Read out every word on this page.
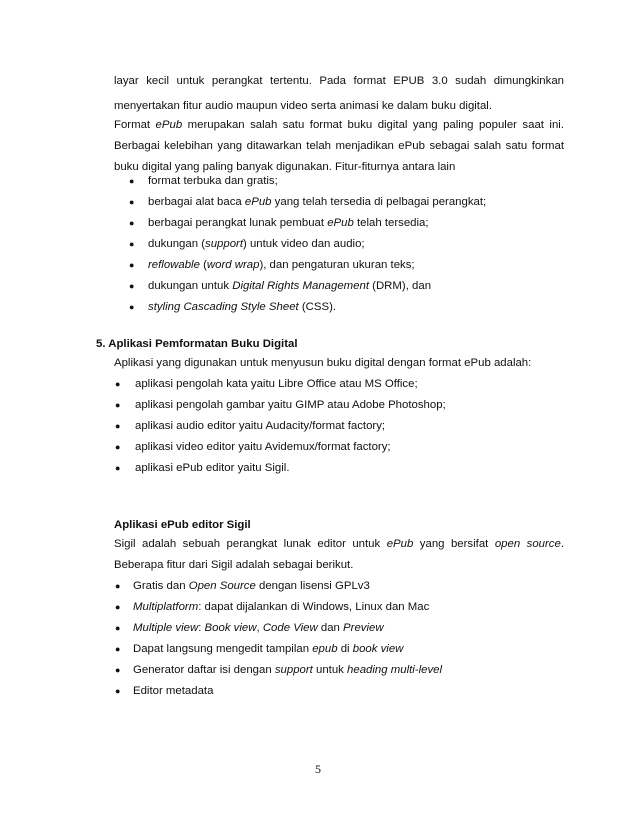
layar kecil untuk perangkat tertentu. Pada format EPUB 3.0 sudah dimungkinkan
menyertakan fitur audio maupun video serta animasi ke dalam buku digital.
Format ePub merupakan salah satu format buku digital yang paling populer saat ini.
Berbagai kelebihan yang ditawarkan telah menjadikan ePub sebagai salah satu format
buku digital yang paling banyak digunakan. Fitur-fiturnya antara lain
● format terbuka dan gratis;
● berbagai alat baca ePub yang telah tersedia di pelbagai perangkat;
● berbagai perangkat lunak pembuat ePub telah tersedia;
● dukungan (support) untuk video dan audio;
● reflowable (word wrap), dan pengaturan ukuran teks;
● dukungan untuk Digital Rights Management (DRM), dan
● styling Cascading Style Sheet (CSS).
5. Aplikasi Pemformatan Buku Digital
Aplikasi yang digunakan untuk menyusun buku digital dengan format ePub adalah:
● aplikasi pengolah kata yaitu Libre Office atau MS Office;
● aplikasi pengolah gambar yaitu GIMP atau Adobe Photoshop;
● aplikasi audio editor yaitu Audacity/format factory;
● aplikasi video editor yaitu Avidemux/format factory;
● aplikasi ePub editor yaitu Sigil.
Aplikasi ePub editor Sigil
Sigil adalah sebuah perangkat lunak editor untuk ePub yang bersifat open source.
Beberapa fitur dari Sigil adalah sebagai berikut.
● Gratis dan Open Source dengan lisensi GPLv3
● Multiplatform: dapat dijalankan di Windows, Linux dan Mac
● Multiple view: Book view, Code View dan Preview
● Dapat langsung mengedit tampilan epub di book view
● Generator daftar isi dengan support untuk heading multi-level
● Editor metadata
5
